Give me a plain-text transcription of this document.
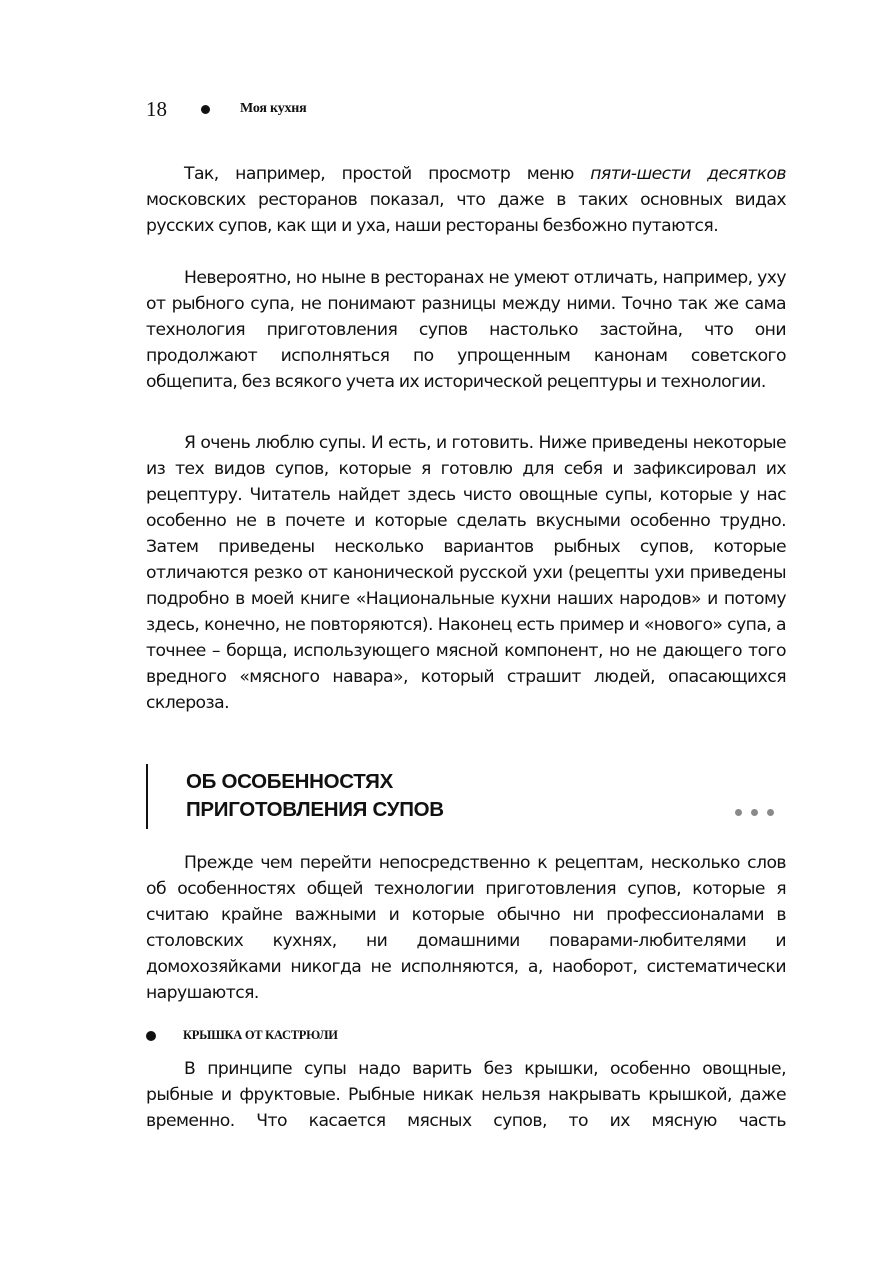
18	Моя кухня

Так, например, простой просмотр меню пяти-шести десятков московских ресторанов показал, что даже в таких основных видах русских супов, как щи и уха, наши рестораны безбожно путаются.

Невероятно, но ныне в ресторанах не умеют отличать, например, уху от рыбного супа, не понимают разницы между ними. Точно так же сама технология приготовления супов настолько застойна, что они продолжают исполняться по упрощенным канонам советского общепита, без всякого учета их исторической рецептуры и технологии.

Я очень люблю супы. И есть, и готовить. Ниже приведены некоторые из тех видов супов, которые я готовлю для себя и зафиксировал их рецептуру. Читатель найдет здесь чисто овощные супы, которые у нас особенно не в почете и которые сделать вкусными особенно трудно. Затем приведены несколько вариантов рыбных супов, которые отличаются резко от канонической русской ухи (рецепты ухи приведены подробно в моей книге «Национальные кухни наших народов» и потому здесь, конечно, не повторяются). Наконец есть пример и «нового» супа, а точнее – борща, использующего мясной компонент, но не дающего того вредного «мясного навара», который страшит людей, опасающихся склероза.

ОБ ОСОБЕННОСТЯХ
ПРИГОТОВЛЕНИЯ СУПОВ

Прежде чем перейти непосредственно к рецептам, несколько слов об особенностях общей технологии приготовления супов, которые я считаю крайне важными и которые обычно ни профессионалами в столовских кухнях, ни домашними поварами-любителями и домохозяйками никогда не исполняются, а, наоборот, систематически нарушаются.

КРЫШКА ОТ КАСТРЮЛИ

В принципе супы надо варить без крышки, особенно овощные, рыбные и фруктовые. Рыбные никак нельзя накрывать крышкой, даже временно. Что касается мясных супов, то их мясную часть
